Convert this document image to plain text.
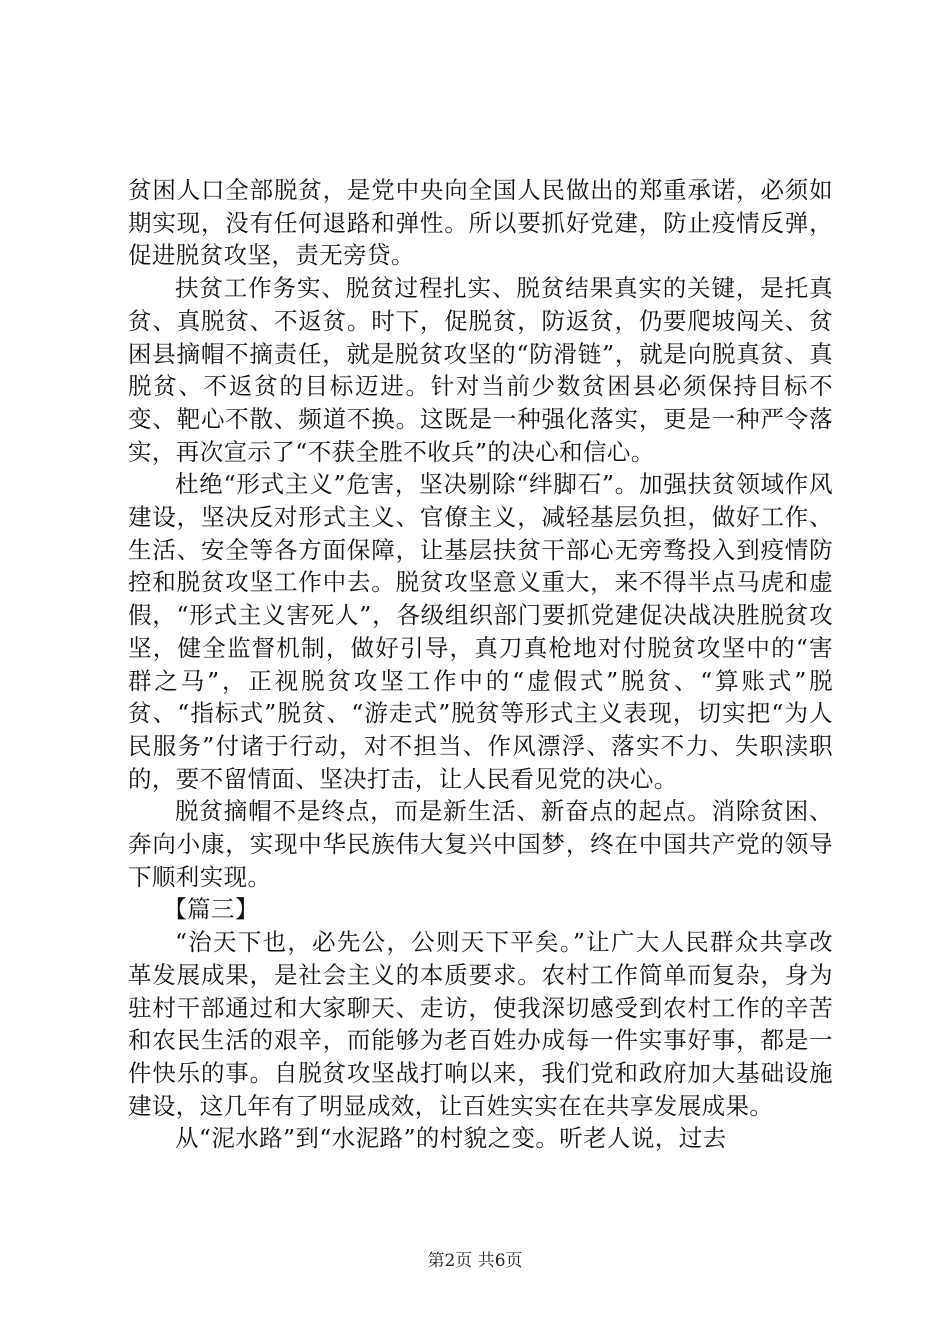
贫困人口全部脱贫，是党中央向全国人民做出的郑重承诺，必须如期实现，没有任何退路和弹性。所以要抓好党建，防止疫情反弹，促进脱贫攻坚，责无旁贷。

扶贫工作务实、脱贫过程扎实、脱贫结果真实的关键，是托真贫、真脱贫、不返贫。时下，促脱贫，防返贫，仍要爬坡闯关、贫困县摘帽不摘责任，就是脱贫攻坚的“防滑链”，就是向脱真贫、真脱贫、不返贫的目标迈进。针对当前少数贫困县必须保持目标不变、靶心不散、频道不换。这既是一种强化落实，更是一种严令落实，再次宣示了“不获全胜不收兵”的决心和信心。

杜绝“形式主义”危害，坚决剔除“绊脚石”。加强扶贫领域作风建设，坚决反对形式主义、官僚主义，减轻基层负担，做好工作、生活、安全等各方面保障，让基层扶贫干部心无旁骛投入到疫情防控和脱贫攻坚工作中去。脱贫攻坚意义重大，来不得半点马虎和虚假，“形式主义害死人”，各级组织部门要抓党建促决战决胜脱贫攻坚，健全监督机制，做好引导，真刀真枪地对付脱贫攻坚中的“害群之马”，正视脱贫攻坚工作中的“虚假式”脱贫、“算账式”脱贫、“指标式”脱贫、“游走式”脱贫等形式主义表现，切实把“为人民服务”付诸于行动，对不担当、作风漂浮、落实不力、失职渎职的，要不留情面、坚决打击，让人民看见党的决心。

脱贫摘帽不是终点，而是新生活、新奋点的起点。消除贫困、奔向小康，实现中华民族伟大复兴中国梦，终在中国共产党的领导下顺利实现。

【篇三】

“治天下也，必先公，公则天下平矣。”让广大人民群众共享改革发展成果，是社会主义的本质要求。农村工作简单而复杂，身为驻村干部通过和大家聊天、走访，使我深切感受到农村工作的辛苦和农民生活的艰辛，而能够为老百姓办成每一件实事好事，都是一件快乐的事。自脱贫攻坚战打响以来，我们党和政府加大基础设施建设，这几年有了明显成效，让百姓实实在在共享发展成果。

从“泥水路”到“水泥路”的村貌之变。听老人说，过去

第2页 共6页
